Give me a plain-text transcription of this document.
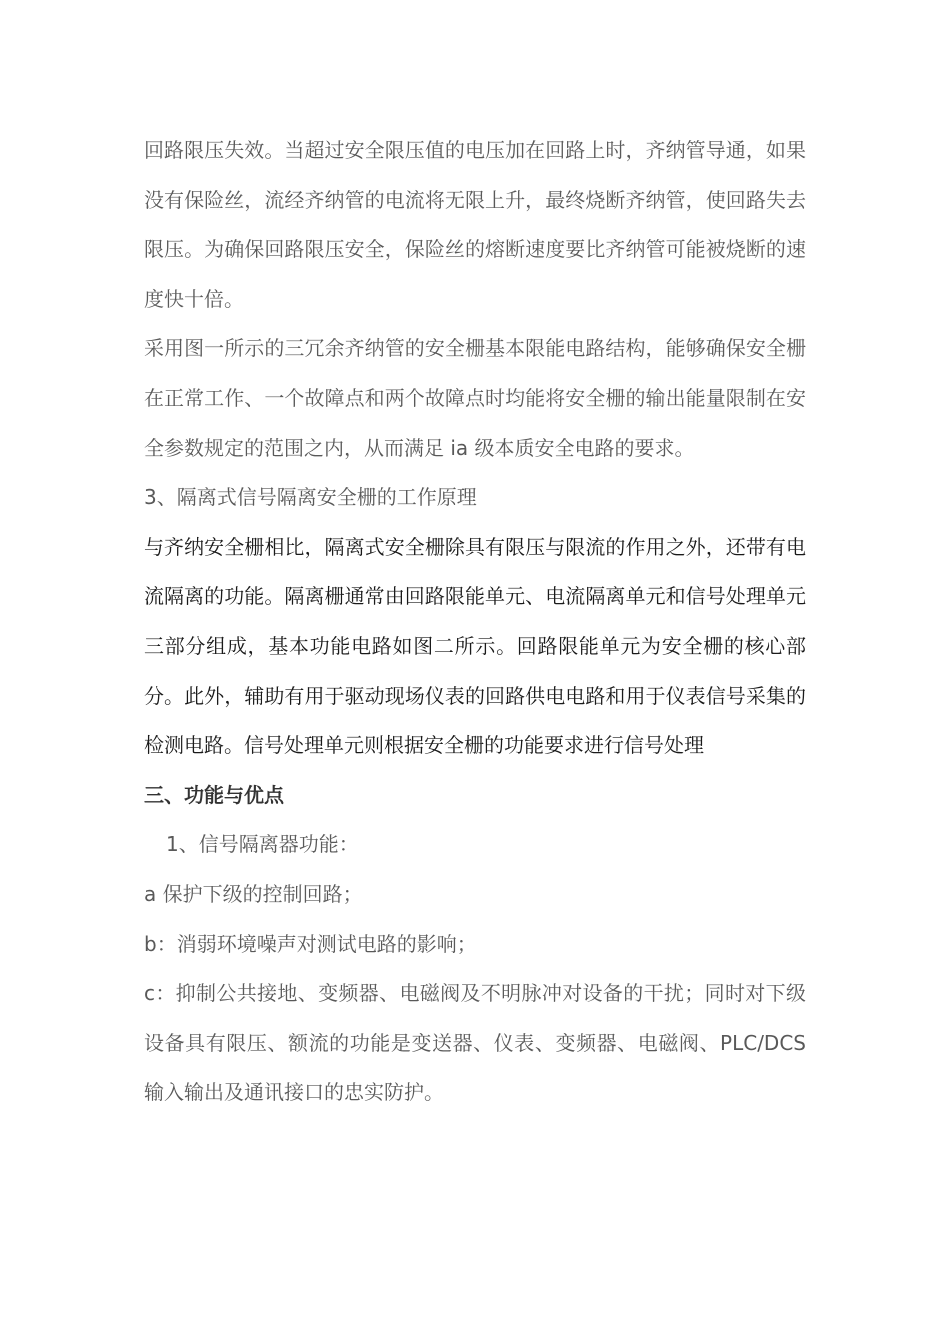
回路限压失效。当超过安全限压值的电压加在回路上时，齐纳管导通，如果没有保险丝，流经齐纳管的电流将无限上升，最终烧断齐纳管，使回路失去限压。为确保回路限压安全，保险丝的熔断速度要比齐纳管可能被烧断的速度快十倍。

采用图一所示的三冗余齐纳管的安全栅基本限能电路结构，能够确保安全栅在正常工作、一个故障点和两个故障点时均能将安全栅的输出能量限制在安全参数规定的范围之内，从而满足 ia 级本质安全电路的要求。

3、隔离式信号隔离安全栅的工作原理

与齐纳安全栅相比，隔离式安全栅除具有限压与限流的作用之外，还带有电流隔离的功能。隔离栅通常由回路限能单元、电流隔离单元和信号处理单元三部分组成，基本功能电路如图二所示。回路限能单元为安全栅的核心部分。此外，辅助有用于驱动现场仪表的回路供电电路和用于仪表信号采集的检测电路。信号处理单元则根据安全栅的功能要求进行信号处理

三、功能与优点

1、信号隔离器功能：

a 保护下级的控制回路；

b：消弱环境噪声对测试电路的影响；

c：抑制公共接地、变频器、电磁阀及不明脉冲对设备的干扰；同时对下级设备具有限压、额流的功能是变送器、仪表、变频器、电磁阀、PLC/DCS 输入输出及通讯接口的忠实防护。
